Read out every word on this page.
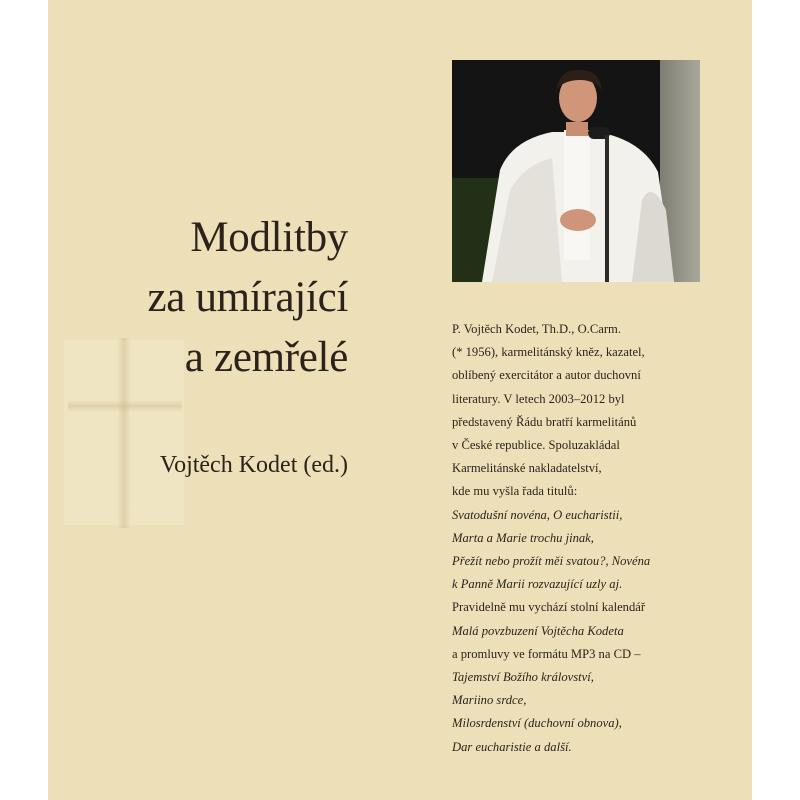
Modlitby
za umírající
a zemřelé
Vojtěch Kodet (ed.)
P. Vojtěch Kodet, Th.D., O.Carm.
(* 1956), karmelitánský kněz, kazatel,
oblíbený exercitátor a autor duchovní
literatury. V letech 2003–2012 byl
představený Řádu bratří karmelitánů
v České republice. Spoluzakládal
Karmelitánské nakladatelství,
kde mu vyšla řada titulů:
Svatodušní novéna, O eucharistii,
Marta a Marie trochu jinak,
Přežít nebo prožít měi svatou?, Novéna
k Panně Marii rozvazující uzly aj.
Pravidelně mu vychází stolní kalendář
Malá povzbuzení Vojtěcha Kodeta
a promluvy ve formátu MP3 na CD –
Tajemství Božího království,
Mariino srdce,
Milosrdenství (duchovní obnova),
Dar eucharistie a další.
